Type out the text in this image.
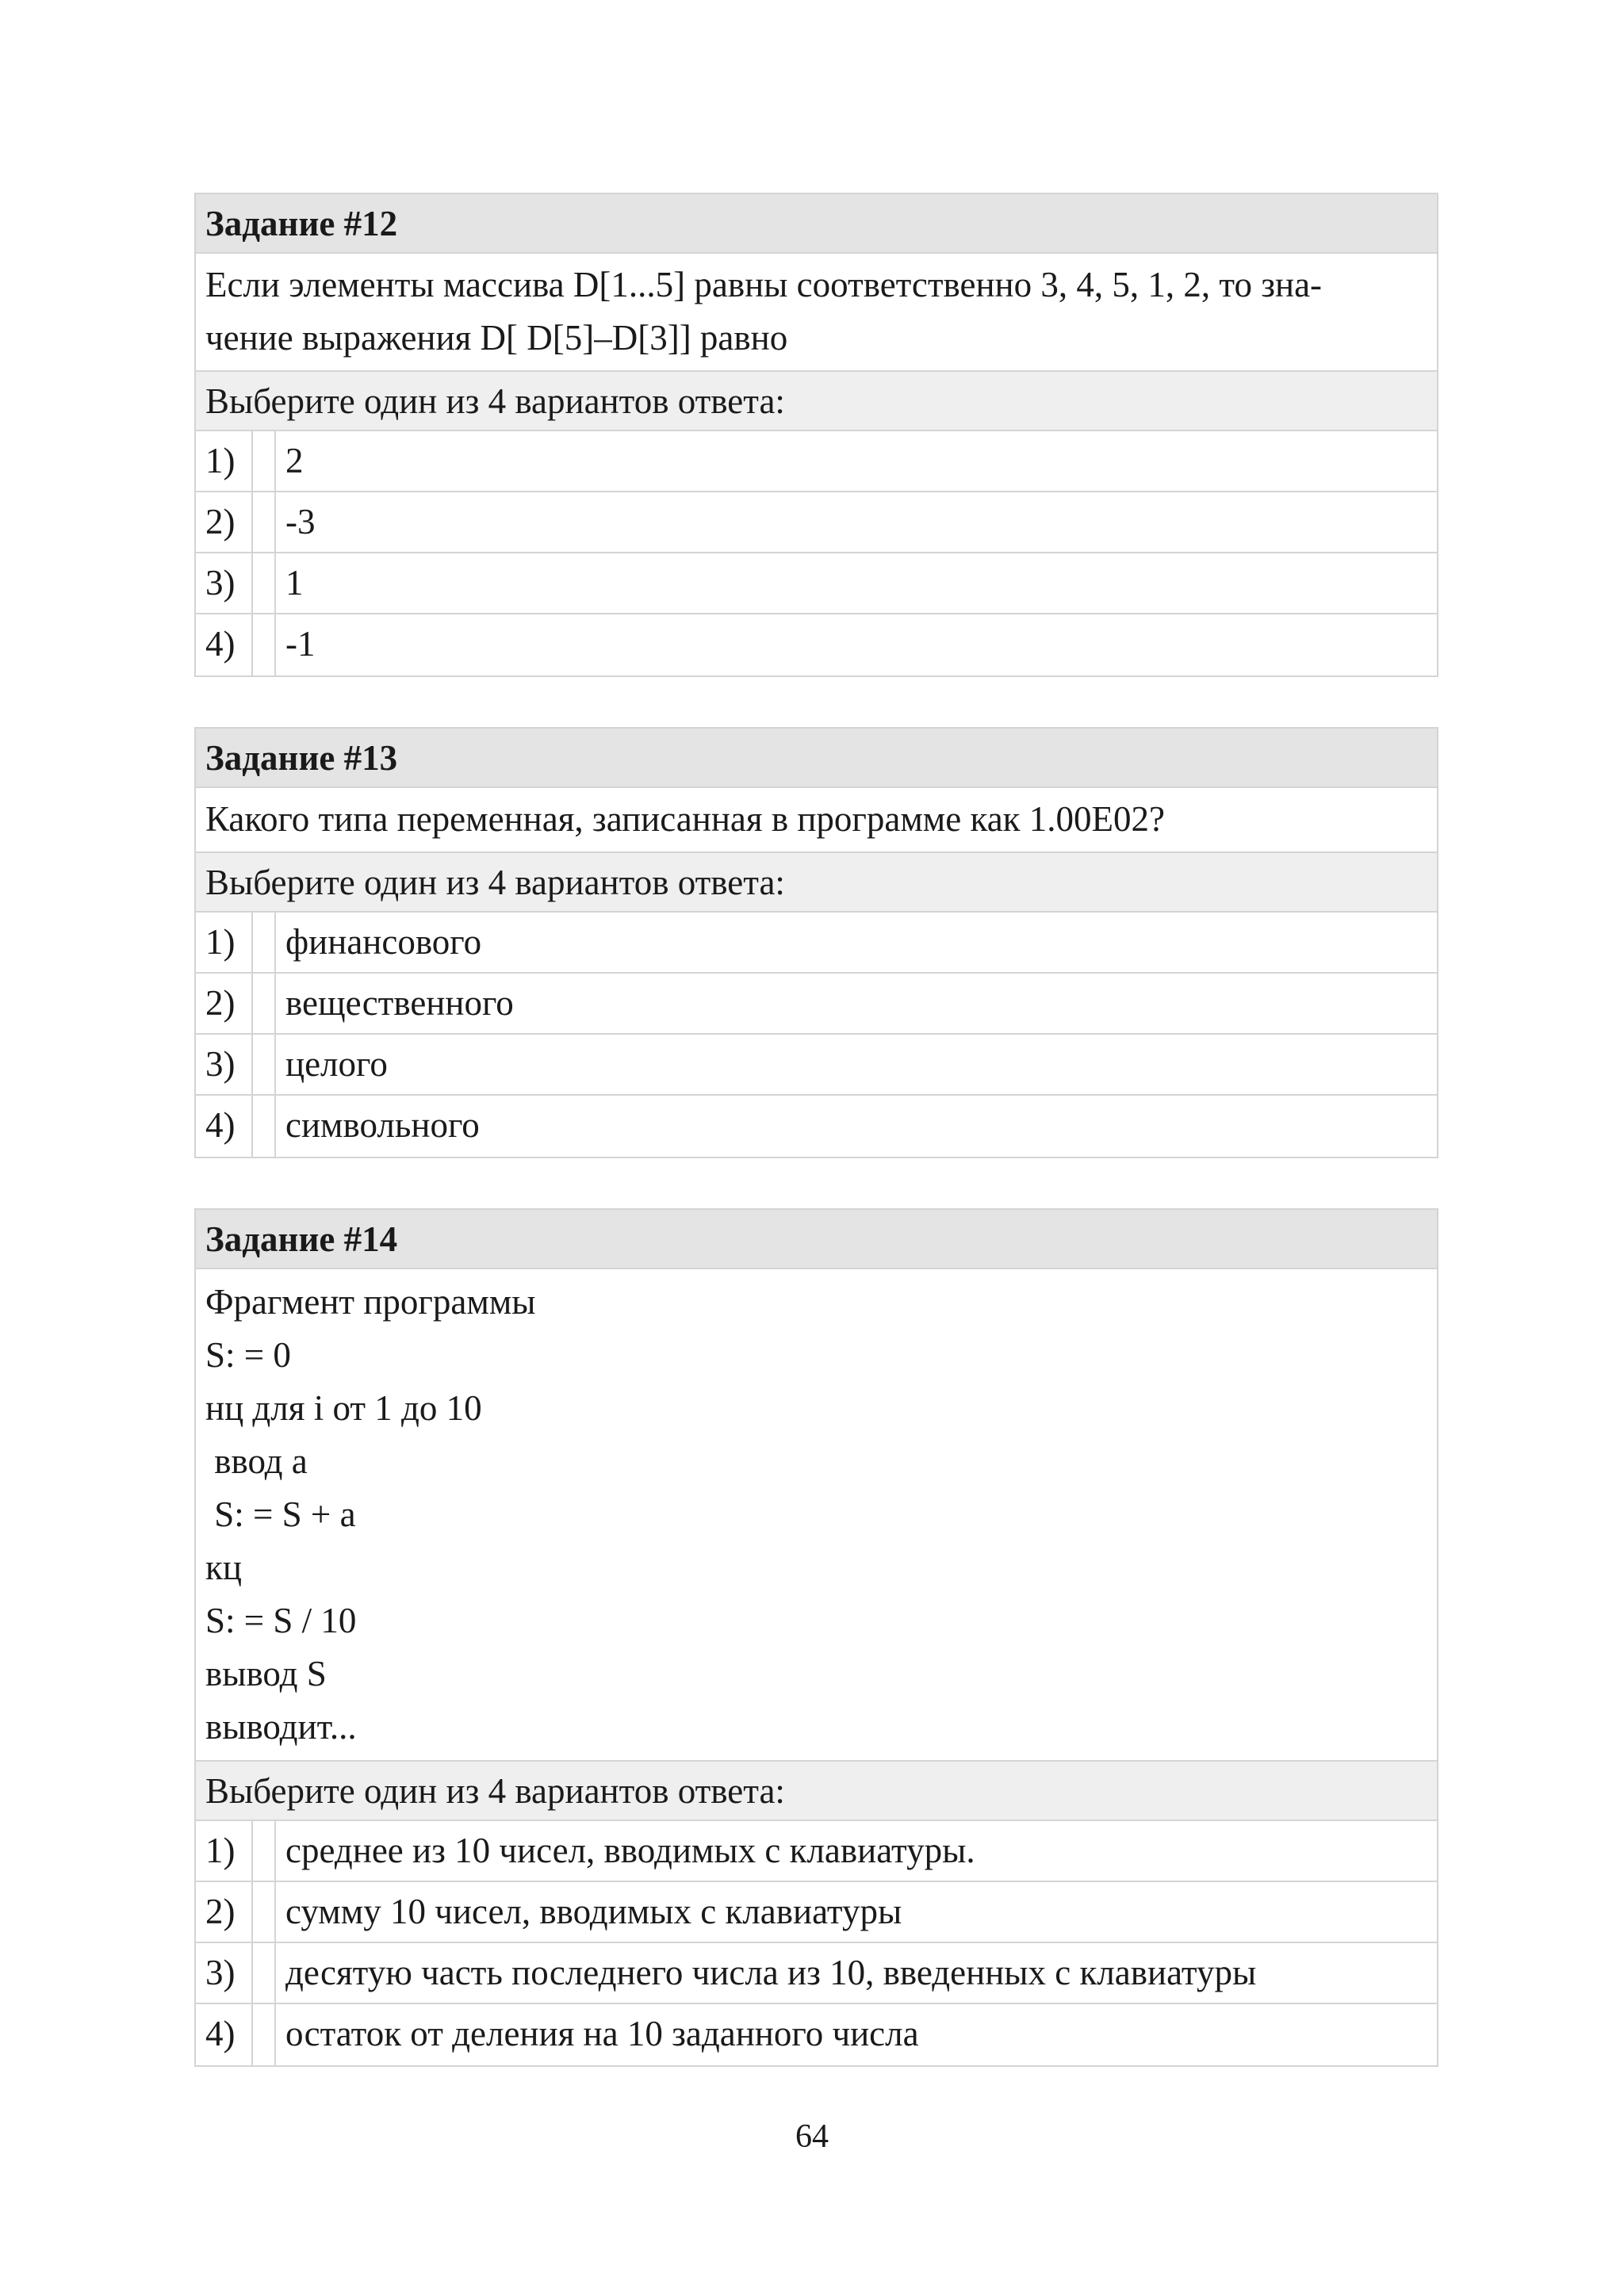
Задание #12
Если элементы массива D[1...5] равны соответственно 3, 4, 5, 1, 2, то зна-
чение выражения D[ D[5]–D[3]] равно
Выберите один из 4 вариантов ответа:
1)	2
2)	-3
3)	1
4)	-1
Задание #13
Какого типа переменная, записанная в программе как 1.00E02?
Выберите один из 4 вариантов ответа:
1)	финансового
2)	вещественного
3)	целого
4)	символьного
Задание #14
Фрагмент программы
S: = 0
нц для i от 1 до 10
ввод a
S: = S + a
кц
S: = S / 10
вывод S
выводит...
Выберите один из 4 вариантов ответа:
1)	среднее из 10 чисел, вводимых с клавиатуры.
2)	сумму 10 чисел, вводимых с клавиатуры
3)	десятую часть последнего числа из 10, введенных с клавиатуры
4)	остаток от деления на 10 заданного числа
64
